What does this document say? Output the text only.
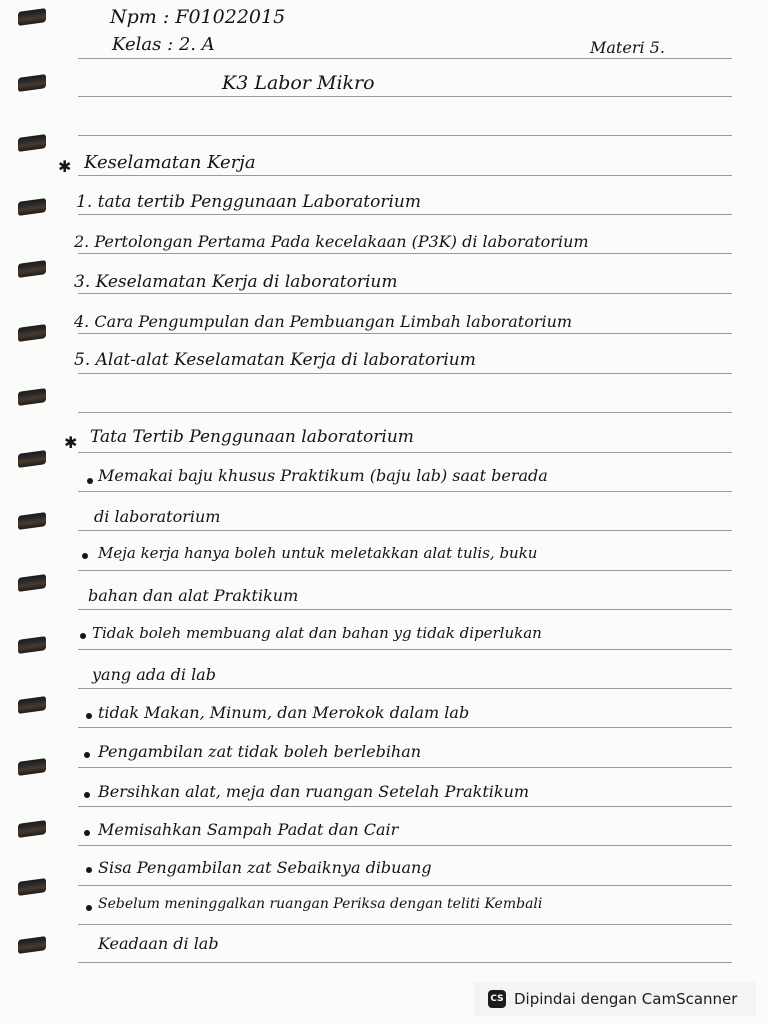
Npm : F01022015
Kelas : 2. A	Materi 5.
K3 Labor Mikro
✱ Keselamatan Kerja
1. tata tertib Penggunaan Laboratorium
2. Pertolongan Pertama Pada kecelakaan (P3K) di laboratorium
3. Keselamatan Kerja di laboratorium
4. Cara Pengumpulan dan Pembuangan Limbah laboratorium
5. Alat-alat Keselamatan Kerja di laboratorium
✱ Tata Tertib Penggunaan laboratorium
Memakai baju khusus Praktikum (baju lab) saat berada
di laboratorium
Meja kerja hanya boleh untuk meletakkan alat tulis, buku
bahan dan alat Praktikum
Tidak boleh membuang alat dan bahan yg tidak diperlukan
yang ada di lab
tidak Makan, Minum, dan Merokok dalam lab
Pengambilan zat tidak boleh berlebihan
Bersihkan alat, meja dan ruangan Setelah Praktikum
Memisahkan Sampah Padat dan Cair
Sisa Pengambilan zat Sebaiknya dibuang
Sebelum meninggalkan ruangan Periksa dengan teliti Kembali
Keadaan di lab
CS Dipindai dengan CamScanner
